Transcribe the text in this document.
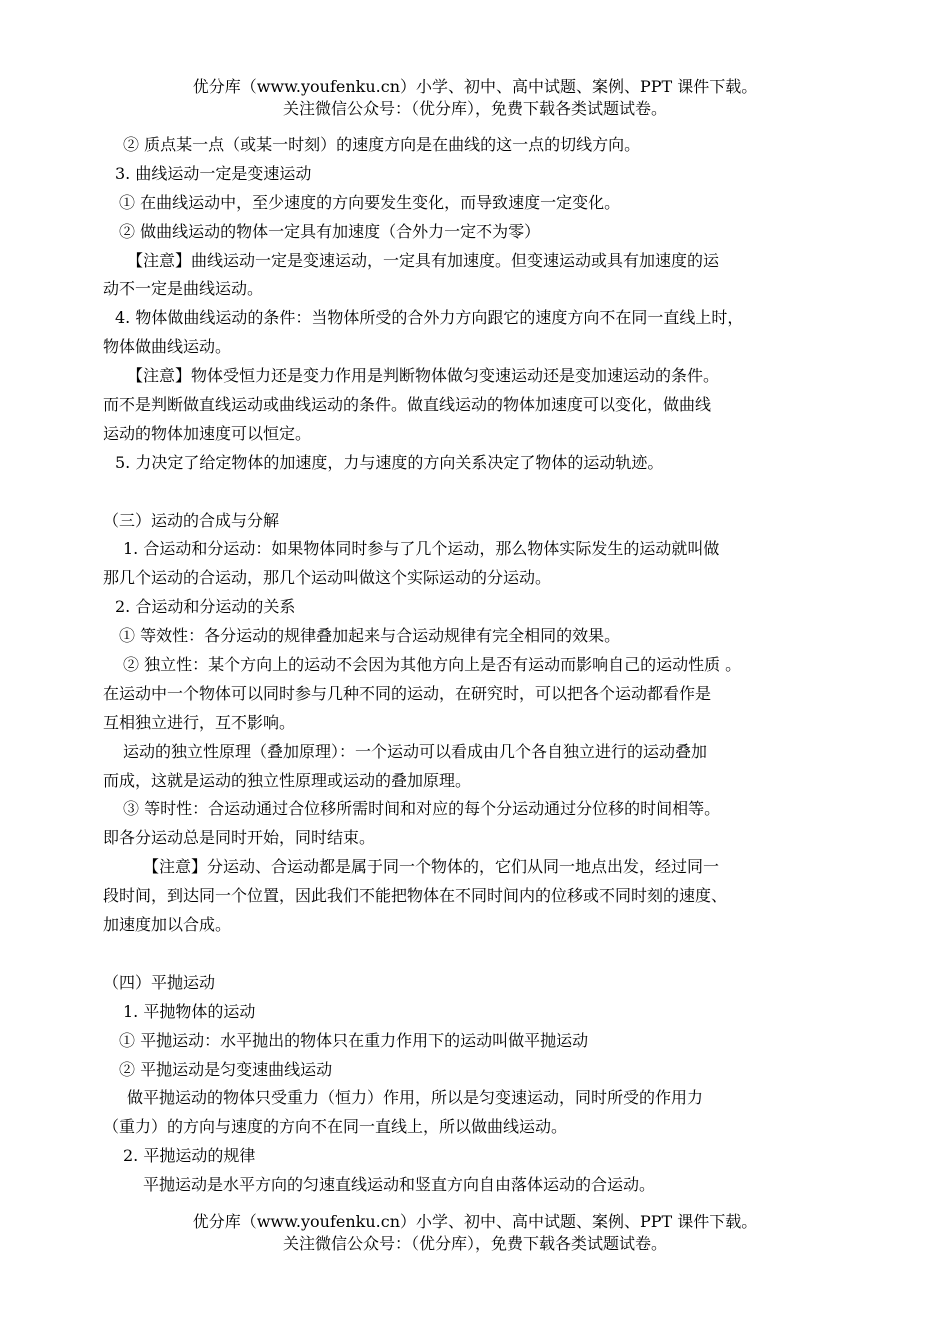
优分库（www.youfenku.cn）小学、初中、高中试题、案例、PPT 课件下载。
关注微信公众号：（优分库），免费下载各类试题试卷。
② 质点某一点（或某一时刻）的速度方向是在曲线的这一点的切线方向。
3. 曲线运动一定是变速运动
① 在曲线运动中，至少速度的方向要发生变化，而导致速度一定变化。
② 做曲线运动的物体一定具有加速度（合外力一定不为零）
【注意】曲线运动一定是变速运动，一定具有加速度。但变速运动或具有加速度的运
动不一定是曲线运动。
4. 物体做曲线运动的条件：当物体所受的合外力方向跟它的速度方向不在同一直线上时，
物体做曲线运动。
【注意】物体受恒力还是变力作用是判断物体做匀变速运动还是变加速运动的条件。
而不是判断做直线运动或曲线运动的条件。做直线运动的物体加速度可以变化，做曲线
运动的物体加速度可以恒定。
5. 力决定了给定物体的加速度，力与速度的方向关系决定了物体的运动轨迹。
（三）运动的合成与分解
1. 合运动和分运动：如果物体同时参与了几个运动，那么物体实际发生的运动就叫做
那几个运动的合运动，那几个运动叫做这个实际运动的分运动。
2. 合运动和分运动的关系
① 等效性：各分运动的规律叠加起来与合运动规律有完全相同的效果。
② 独立性：某个方向上的运动不会因为其他方向上是否有运动而影响自己的运动性质 。
在运动中一个物体可以同时参与几种不同的运动，在研究时，可以把各个运动都看作是
互相独立进行，互不影响。
运动的独立性原理（叠加原理）：一个运动可以看成由几个各自独立进行的运动叠加
而成，这就是运动的独立性原理或运动的叠加原理。
③ 等时性：合运动通过合位移所需时间和对应的每个分运动通过分位移的时间相等。
即各分运动总是同时开始，同时结束。
【注意】分运动、合运动都是属于同一个物体的，它们从同一地点出发，经过同一
段时间，到达同一个位置，因此我们不能把物体在不同时间内的位移或不同时刻的速度、
加速度加以合成。
（四）平抛运动
1. 平抛物体的运动
① 平抛运动：水平抛出的物体只在重力作用下的运动叫做平抛运动
② 平抛运动是匀变速曲线运动
做平抛运动的物体只受重力（恒力）作用，所以是匀变速运动，同时所受的作用力
（重力）的方向与速度的方向不在同一直线上，所以做曲线运动。
2. 平抛运动的规律
平抛运动是水平方向的匀速直线运动和竖直方向自由落体运动的合运动。
优分库（www.youfenku.cn）小学、初中、高中试题、案例、PPT 课件下载。
关注微信公众号：（优分库），免费下载各类试题试卷。
